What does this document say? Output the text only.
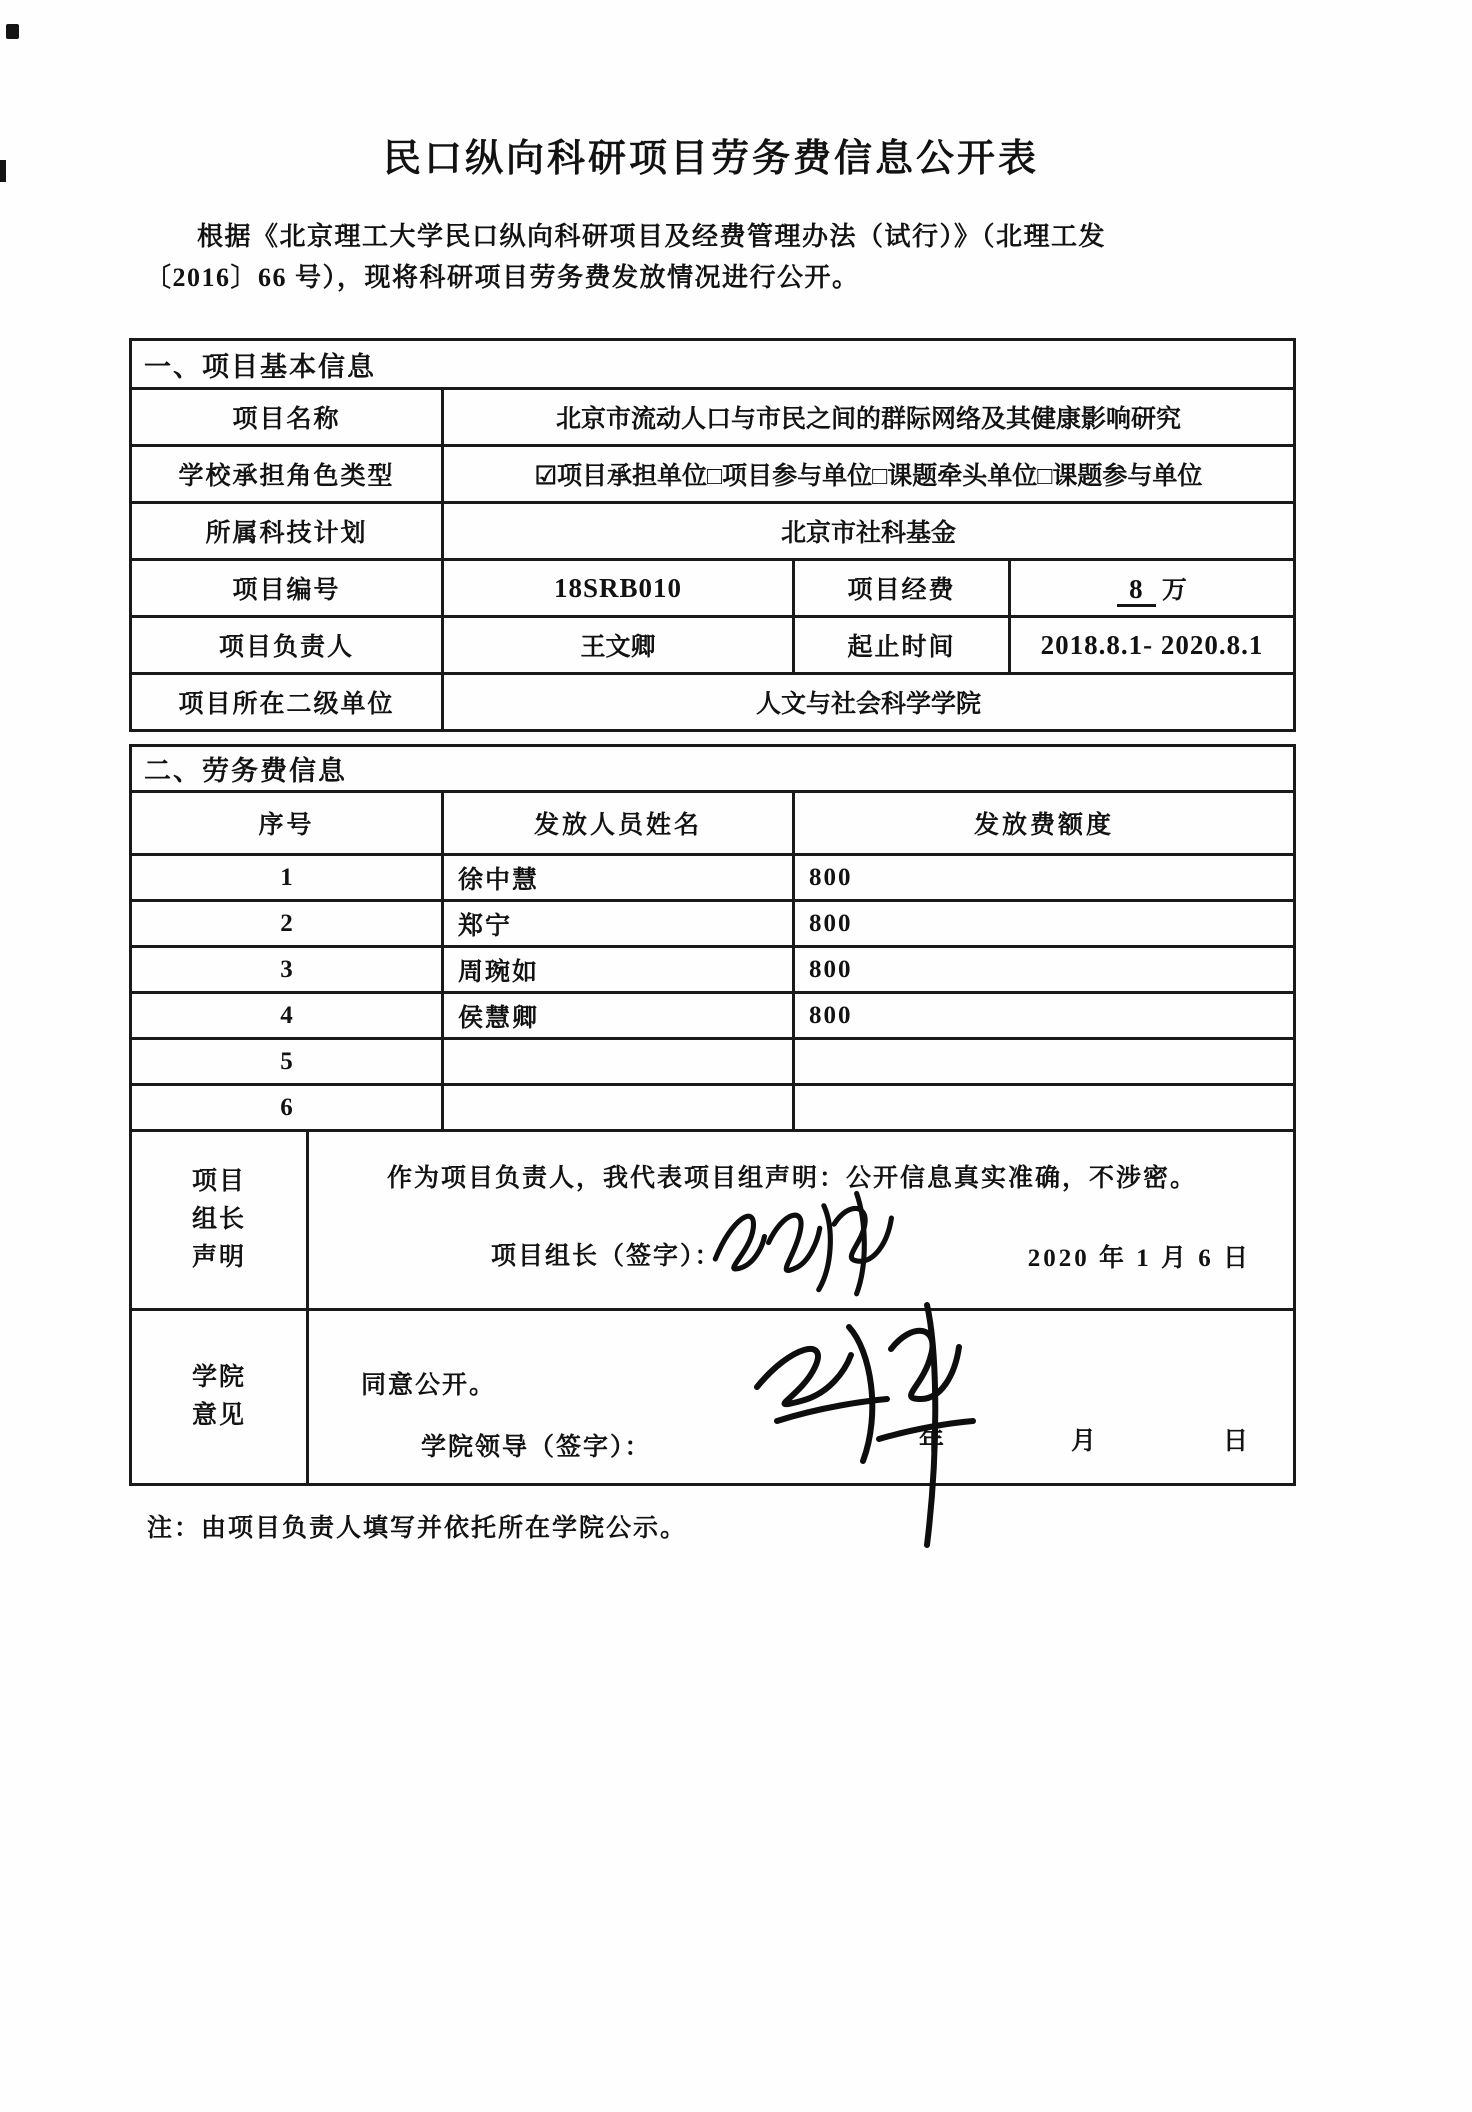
民口纵向科研项目劳务费信息公开表

根据《北京理工大学民口纵向科研项目及经费管理办法（试行）》（北理工发〔2016〕66 号），现将科研项目劳务费发放情况进行公开。

一、项目基本信息			
项目名称	北京市流动人口与市民之间的群际网络及其健康影响研究		
学校承担角色类型	☑项目承担单位□项目参与单位□课题牵头单位□课题参与单位		
所属科技计划	北京市社科基金		
项目编号	18SRB010	项目经费	8 万
项目负责人	王文卿	起止时间	2018.8.1- 2020.8.1
项目所在二级单位	人文与社会科学学院		
二、劳务费信息		
序号	发放人员姓名	发放费额度
1	徐中慧	800
2	郑宁	800
3	周琬如	800
4	侯慧卿	800
5		
6		
项目
组长
声明

作为项目负责人，我代表项目组声明：公开信息真实准确，不涉密。
项目组长（签字）：	2020 年 1 月 6 日

学院
意见

同意公开。
学院领导（签字）：	年	月	日

注：由项目负责人填写并依托所在学院公示。
